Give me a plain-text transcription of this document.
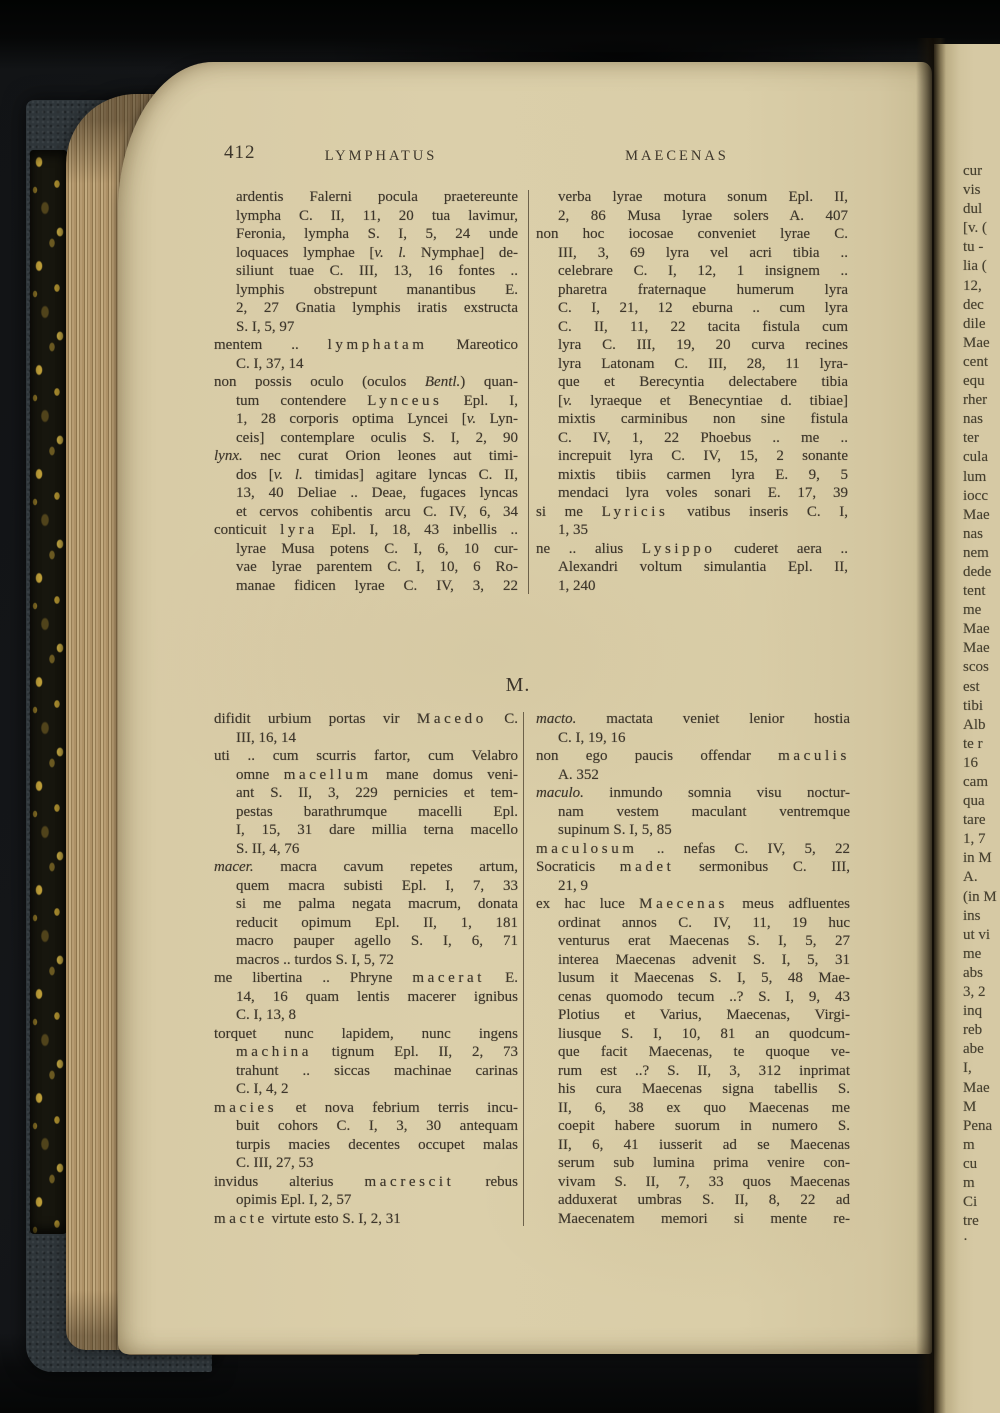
cur
vis
dul
[v. (
tu -
lia (
12,
dec
dile
Mae
cent
equ
rher
nas
ter
cula
lum
iocc
Mae
nas
nem
dede
tent
me
Mae
Mae
scos
est
tibi
Alb
te r
16
cam
qua
tare
1, 7
in M
A.
(in M
ins
ut vi
me
abs
3, 2
inq
reb
abe
I,
Mae
M
Pena
m
cu
m
Ci
tre
·
412	LYMPHATUS	MAECENAS
ardentis Falerni pocula praetereunte
lympha C. II, 11, 20 tua lavimur,
Feronia, lympha S. I, 5, 24 unde
loquaces lymphae [v. l. Nymphae] de-
siliunt tuae C. III, 13, 16 fontes ..
lymphis obstrepunt manantibus E.
2, 27 Gnatia lymphis iratis exstructa
S. I, 5, 97
mentem .. lymphatam Mareotico
C. I, 37, 14
non possis oculo (oculos Bentl.) quan-
tum contendere Lynceus Epl. I,
1, 28 corporis optima Lyncei [v. Lyn-
ceis] contemplare oculis S. I, 2, 90
lynx. nec curat Orion leones aut timi-
dos [v. l. timidas] agitare lyncas C. II,
13, 40 Deliae .. Deae, fugaces lyncas
et cervos cohibentis arcu C. IV, 6, 34
conticuit lyra Epl. I, 18, 43 inbellis ..
lyrae Musa potens C. I, 6, 10 cur-
vae lyrae parentem C. I, 10, 6 Ro-
manae fidicen lyrae C. IV, 3, 22
verba lyrae motura sonum Epl. II,
2, 86 Musa lyrae solers A. 407
non hoc iocosae conveniet lyrae C.
III, 3, 69 lyra vel acri tibia ..
celebrare C. I, 12, 1 insignem ..
pharetra fraternaque humerum lyra
C. I, 21, 12 eburna .. cum lyra
C. II, 11, 22 tacita fistula cum
lyra C. III, 19, 20 curva recines
lyra Latonam C. III, 28, 11 lyra-
que et Berecyntia delectabere tibia
[v. lyraeque et Benecyntiae d. tibiae]
mixtis carminibus non sine fistula
C. IV, 1, 22 Phoebus .. me ..
increpuit lyra C. IV, 15, 2 sonante
mixtis tibiis carmen lyra E. 9, 5
mendaci lyra voles sonari E. 17, 39
si me Lyricis vatibus inseris C. I,
1, 35
ne .. alius Lysippo cuderet aera ..
Alexandri voltum simulantia Epl. II,
1, 240
M.
difidit urbium portas vir Macedo C.
III, 16, 14
uti .. cum scurris fartor, cum Velabro
omne macellum mane domus veni-
ant S. II, 3, 229 pernicies et tem-
pestas barathrumque macelli Epl.
I, 15, 31 dare millia terna macello
S. II, 4, 76
macer. macra cavum repetes artum,
quem macra subisti Epl. I, 7, 33
si me palma negata macrum, donata
reducit opimum Epl. II, 1, 181
macro pauper agello S. I, 6, 71
macros .. turdos S. I, 5, 72
me libertina .. Phryne macerat E.
14, 16 quam lentis macerer ignibus
C. I, 13, 8
torquet nunc lapidem, nunc ingens
machina tignum Epl. II, 2, 73
trahunt .. siccas machinae carinas
C. I, 4, 2
macies et nova febrium terris incu-
buit cohors C. I, 3, 30 antequam
turpis macies decentes occupet malas
C. III, 27, 53
invidus alterius macrescit rebus
opimis Epl. I, 2, 57
macte virtute esto S. I, 2, 31
macto. mactata veniet lenior hostia
C. I, 19, 16
non ego paucis offendar maculis
A. 352
maculo. inmundo somnia visu noctur-
nam vestem maculant ventremque
supinum S. I, 5, 85
maculosum .. nefas C. IV, 5, 22
Socraticis madet sermonibus C. III,
21, 9
ex hac luce Maecenas meus adfluentes
ordinat annos C. IV, 11, 19 huc
venturus erat Maecenas S. I, 5, 27
interea Maecenas advenit S. I, 5, 31
lusum it Maecenas S. I, 5, 48 Mae-
cenas quomodo tecum ..? S. I, 9, 43
Plotius et Varius, Maecenas, Virgi-
liusque S. I, 10, 81 an quodcum-
que facit Maecenas, te quoque ve-
rum est ..? S. II, 3, 312 inprimat
his cura Maecenas signa tabellis S.
II, 6, 38 ex quo Maecenas me
coepit habere suorum in numero S.
II, 6, 41 iusserit ad se Maecenas
serum sub lumina prima venire con-
vivam S. II, 7, 33 quos Maecenas
adduxerat umbras S. II, 8, 22 ad
Maecenatem memori si mente re-
